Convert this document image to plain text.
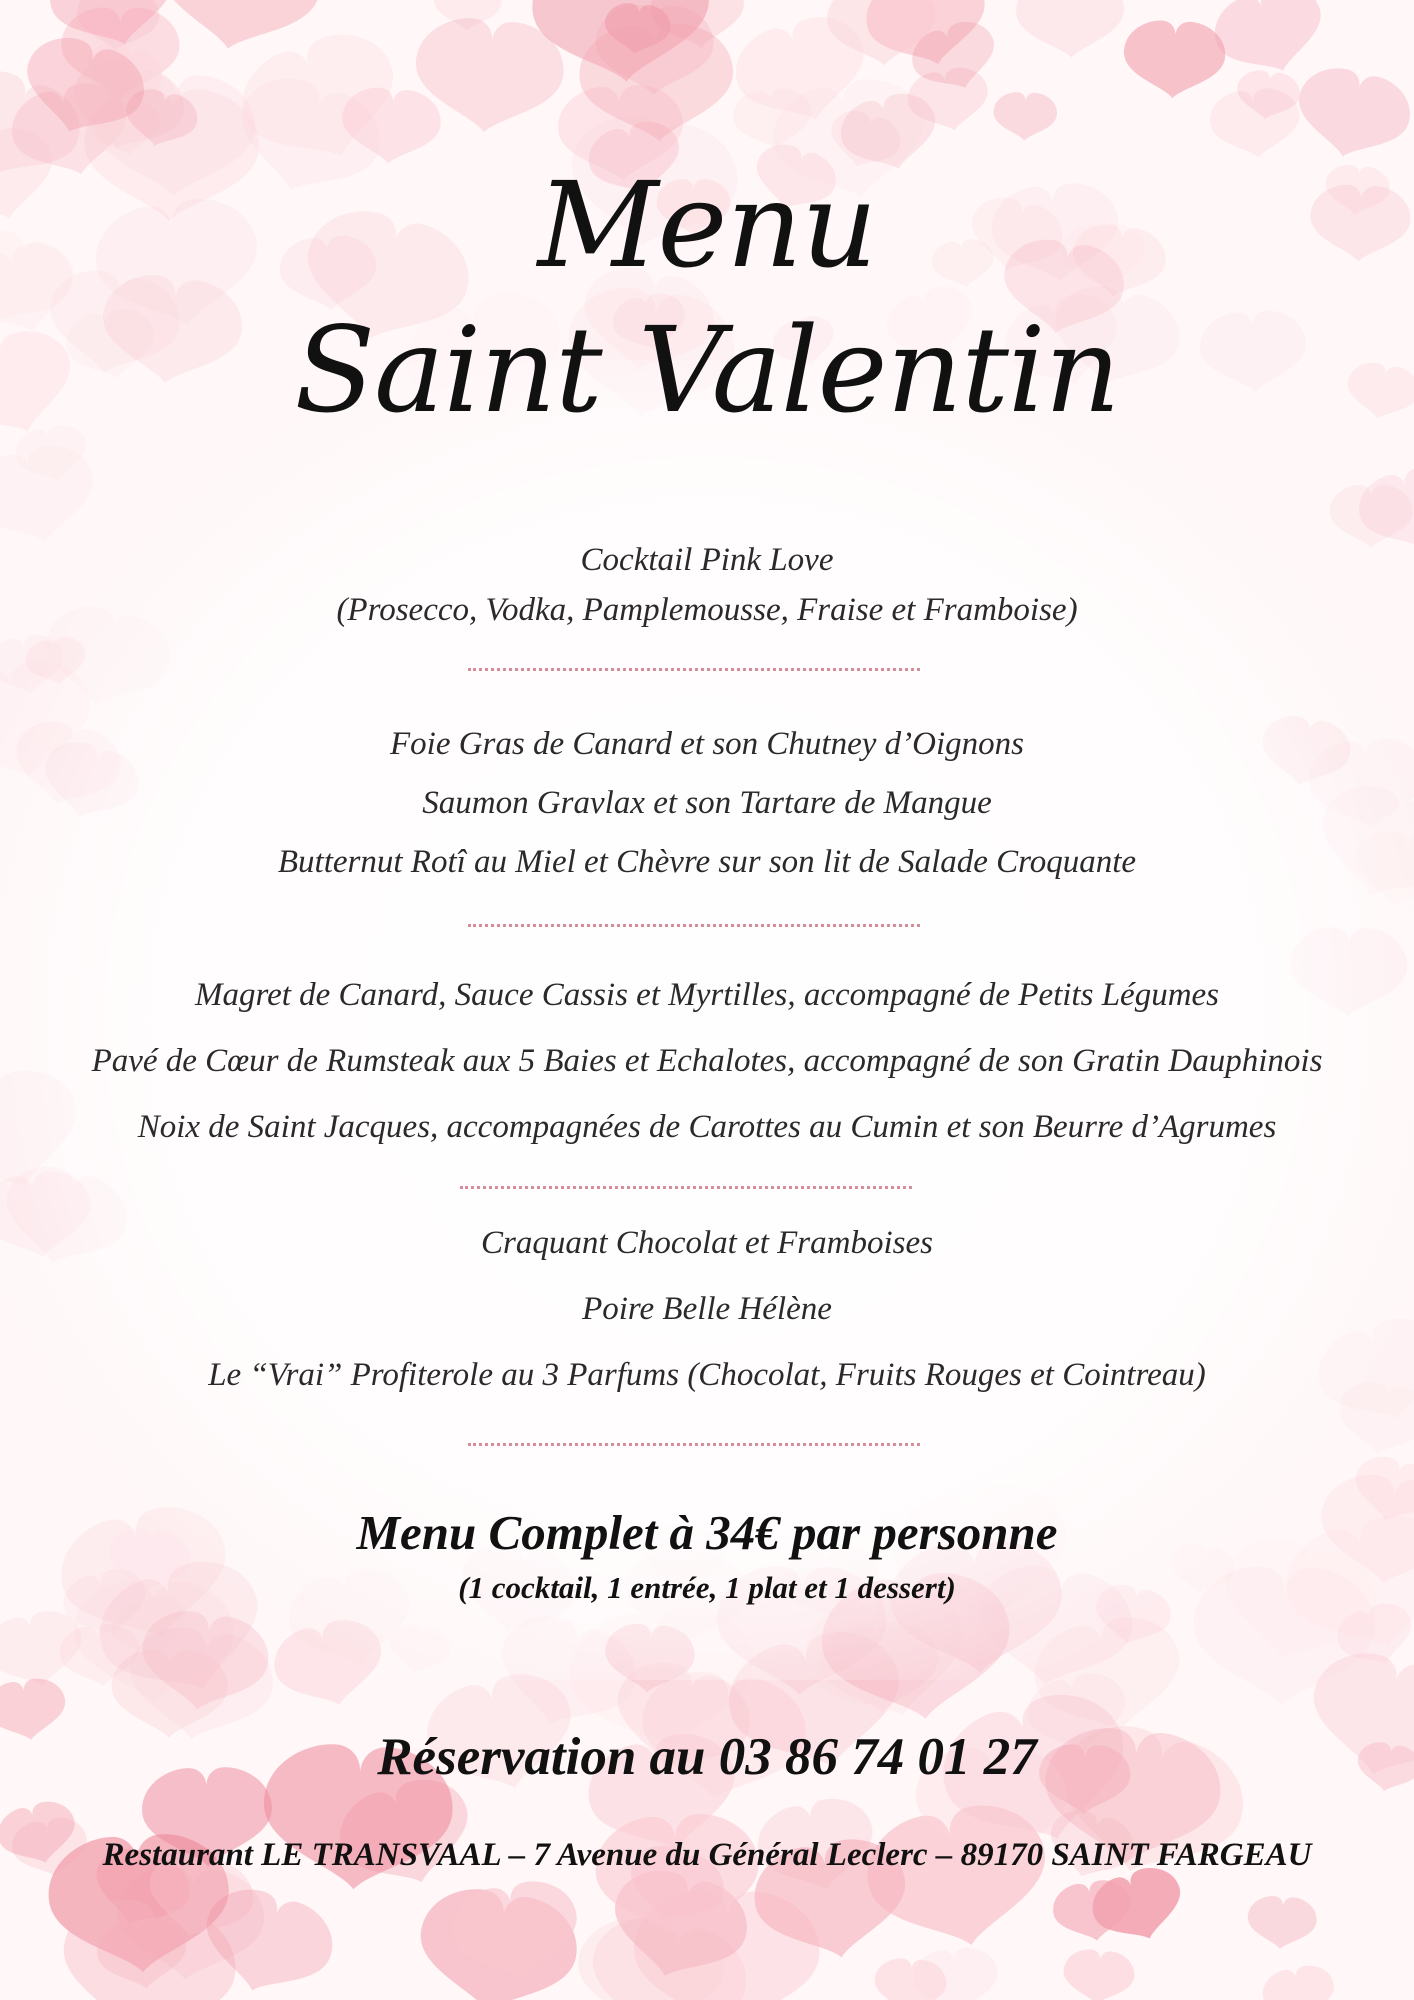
Menu
Saint Valentin
Cocktail Pink Love
(Prosecco, Vodka, Pamplemousse, Fraise et Framboise)
Foie Gras de Canard et son Chutney d’Oignons
Saumon Gravlax et son Tartare de Mangue
Butternut Rotî au Miel et Chèvre sur son lit de Salade Croquante
Magret de Canard, Sauce Cassis et Myrtilles, accompagné de Petits Légumes
Pavé de Cœur de Rumsteak aux 5 Baies et Echalotes, accompagné de son Gratin Dauphinois
Noix de Saint Jacques, accompagnées de Carottes au Cumin et son Beurre d’Agrumes
Craquant Chocolat et Framboises
Poire Belle Hélène
Le “Vrai” Profiterole au 3 Parfums (Chocolat, Fruits Rouges et Cointreau)
Menu Complet à 34€ par personne
(1 cocktail, 1 entrée, 1 plat et 1 dessert)
Réservation au 03 86 74 01 27
Restaurant LE TRANSVAAL – 7 Avenue du Général Leclerc – 89170 SAINT FARGEAU
